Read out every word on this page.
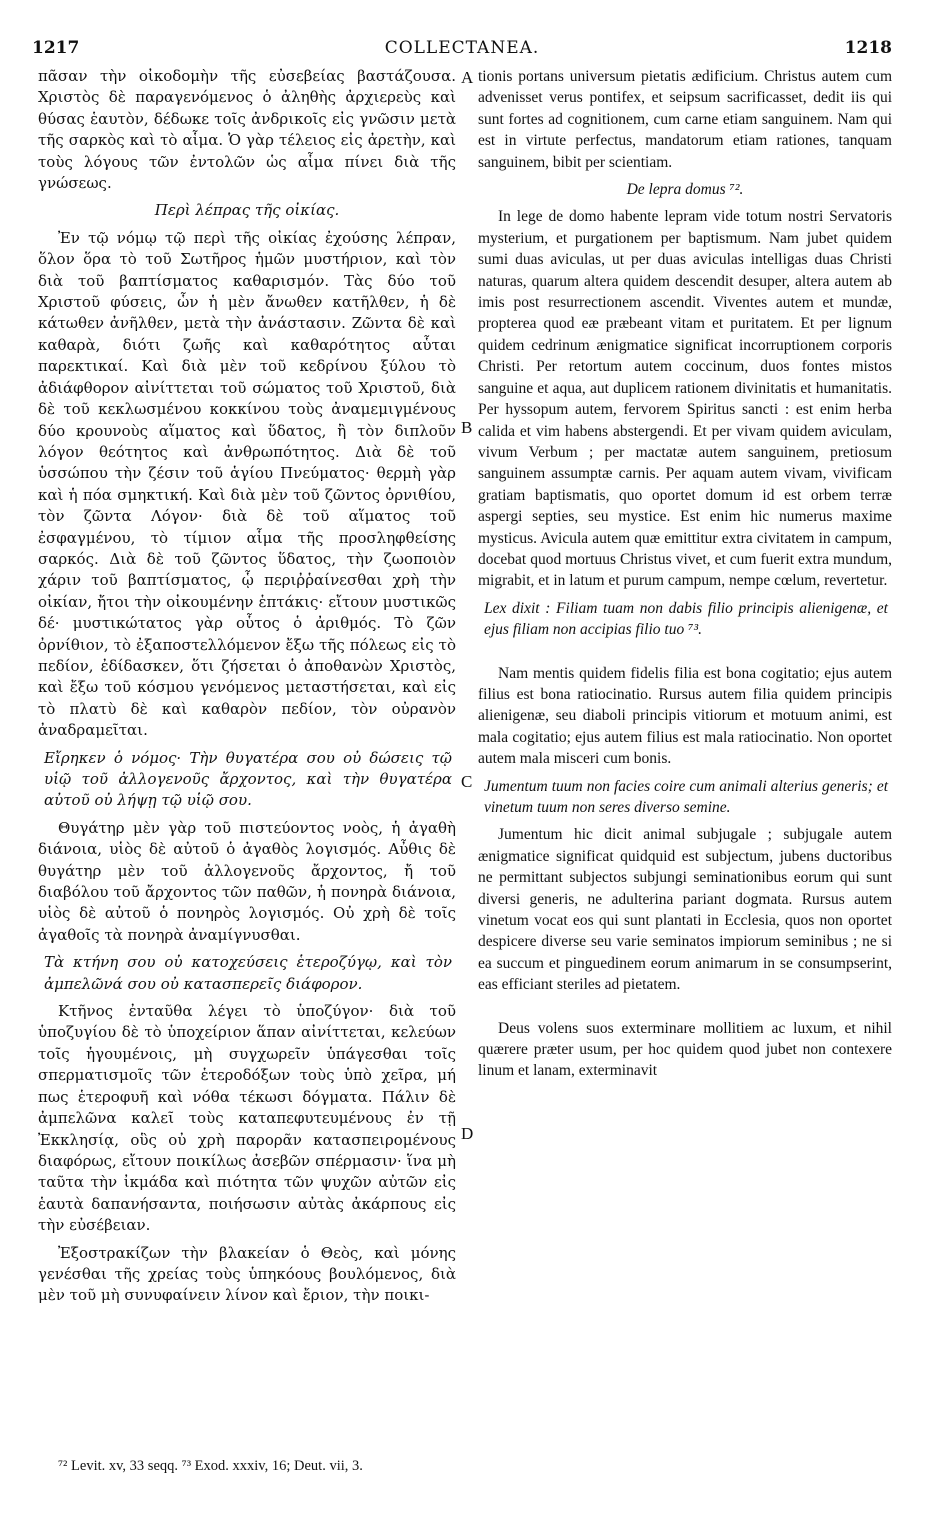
1217	COLLECTANEA.	1218

πᾶσαν τὴν οἰκοδομὴν τῆς εὐσεβείας βαστάζουσα. Χριστὸς δὲ παραγενόμενος ὁ ἀληθὴς ἀρχιερεὺς καὶ θύσας ἑαυτὸν, δέδωκε τοῖς ἀνδρικοῖς εἰς γνῶσιν μετὰ τῆς σαρκὸς καὶ τὸ αἷμα. Ὁ γὰρ τέλειος εἰς ἀρετὴν, καὶ τοὺς λόγους τῶν ἐντολῶν ὡς αἷμα πίνει διὰ τῆς γνώσεως.

Περὶ λέπρας τῆς οἰκίας.

Ἐν τῷ νόμῳ τῷ περὶ τῆς οἰκίας ἐχούσης λέπραν, ὅλον ὅρα τὸ τοῦ Σωτῆρος ἡμῶν μυστήριον, καὶ τὸν διὰ τοῦ βαπτίσματος καθαρισμόν. Τὰς δύο τοῦ Χριστοῦ φύσεις, ὧν ἡ μὲν ἄνωθεν κατῆλθεν, ἡ δὲ κάτωθεν ἀνῆλθεν, μετὰ τὴν ἀνάστασιν. Ζῶντα δὲ καὶ καθαρὰ, διότι ζωῆς καὶ καθαρότητος αὗται παρεκτικαί. Καὶ διὰ μὲν τοῦ κεδρίνου ξύλου τὸ ἀδιάφθορον αἰνίττεται τοῦ σώματος τοῦ Χριστοῦ, διὰ δὲ τοῦ κεκλωσμένου κοκκίνου τοὺς ἀναμεμιγμένους δύο κρουνοὺς αἵματος καὶ ὕδατος, ἢ τὸν διπλοῦν λόγον θεότητος καὶ ἀνθρωπότητος. Διὰ δὲ τοῦ ὑσσώπου τὴν ζέσιν τοῦ ἁγίου Πνεύματος· θερμὴ γὰρ καὶ ἡ πόα σμηκτική. Καὶ διὰ μὲν τοῦ ζῶντος ὀρνιθίου, τὸν ζῶντα Λόγον· διὰ δὲ τοῦ αἵματος τοῦ ἐσφαγμένου, τὸ τίμιον αἷμα τῆς προσληφθείσης σαρκός. Διὰ δὲ τοῦ ζῶντος ὕδατος, τὴν ζωοποιὸν χάριν τοῦ βαπτίσματος, ᾧ περιῤῥαίνεσθαι χρὴ τὴν οἰκίαν, ἤτοι τὴν οἰκουμένην ἑπτάκις· εἴτουν μυστικῶς δέ· μυστικώτατος γὰρ οὗτος ὁ ἀριθμός. Τὸ ζῶν ὀρνίθιον, τὸ ἐξαποστελλόμενον ἔξω τῆς πόλεως εἰς τὸ πεδίον, ἐδίδασκεν, ὅτι ζήσεται ὁ ἀποθανὼν Χριστὸς, καὶ ἔξω τοῦ κόσμου γενόμενος μεταστήσεται, καὶ εἰς τὸ πλατὺ δὲ καὶ καθαρὸν πεδίον, τὸν οὐρανὸν ἀναδραμεῖται.

Εἴρηκεν ὁ νόμος· Τὴν θυγατέρα σου οὐ δώσεις τῷ υἱῷ τοῦ ἀλλογενοῦς ἄρχοντος, καὶ τὴν θυγατέρα αὐτοῦ οὐ λήψῃ τῷ υἱῷ σου.

Θυγάτηρ μὲν γὰρ τοῦ πιστεύοντος νοὸς, ἡ ἀγαθὴ διάνοια, υἱὸς δὲ αὐτοῦ ὁ ἀγαθὸς λογισμός. Αὖθις δὲ θυγάτηρ μὲν τοῦ ἀλλογενοῦς ἄρχοντος, ἤ τοῦ διαβόλου τοῦ ἄρχοντος τῶν παθῶν, ἡ πονηρὰ διάνοια, υἱὸς δὲ αὐτοῦ ὁ πονηρὸς λογισμός. Οὐ χρὴ δὲ τοῖς ἀγαθοῖς τὰ πονηρὰ ἀναμίγνυσθαι.

Τὰ κτήνη σου οὐ κατοχεύσεις ἑτεροζύγῳ, καὶ τὸν ἀμπελῶνά σου οὐ κατασπερεῖς διάφορον.

Κτῆνος ἐνταῦθα λέγει τὸ ὑποζύγον· διὰ τοῦ ὑποζυγίου δὲ τὸ ὑποχείριον ἅπαν αἰνίττεται, κελεύων τοῖς ἡγουμένοις, μὴ συγχωρεῖν ὑπάγεσθαι τοῖς σπερματισμοῖς τῶν ἑτεροδόξων τοὺς ὑπὸ χεῖρα, μή πως ἑτεροφυῆ καὶ νόθα τέκωσι δόγματα. Πάλιν δὲ ἀμπελῶνα καλεῖ τοὺς καταπεφυτευμένους ἐν τῇ Ἐκκλησίᾳ, οὓς οὐ χρὴ παρορᾶν κατασπειρομένους διαφόρως, εἴτουν ποικίλως ἀσεβῶν σπέρμασιν· ἵνα μὴ ταῦτα τὴν ἰκμάδα καὶ πιότητα τῶν ψυχῶν αὐτῶν εἰς ἑαυτὰ δαπανήσαντα, ποιήσωσιν αὐτὰς ἀκάρπους εἰς τὴν εὐσέβειαν.

Ἐξοστρακίζων τὴν βλακείαν ὁ Θεὸς, καὶ μόνης γενέσθαι τῆς χρείας τοὺς ὑπηκόους βουλόμενος, διὰ μὲν τοῦ μὴ συνυφαίνειν λίνον καὶ ἔριον, τὴν ποικι-

tionis portans universum pietatis ædificium. Christus autem cum advenisset verus pontifex, et seipsum sacrificasset, dedit iis qui sunt fortes ad cognitionem, cum carne etiam sanguinem. Nam qui est in virtute perfectus, mandatorum etiam rationes, tanquam sanguinem, bibit per scientiam.

De lepra domus ⁷².

In lege de domo habente lepram vide totum nostri Servatoris mysterium, et purgationem per baptismum. Nam jubet quidem sumi duas aviculas, ut per duas aviculas intelligas duas Christi naturas, quarum altera quidem descendit desuper, altera autem ab imis post resurrectionem ascendit. Viventes autem et mundæ, propterea quod eæ præbeant vitam et puritatem. Et per lignum quidem cedrinum ænigmatice significat incorruptionem corporis Christi. Per retortum autem coccinum, duos fontes mistos sanguine et aqua, aut duplicem rationem divinitatis et humanitatis. Per hyssopum autem, fervorem Spiritus sancti : est enim herba calida et vim habens abstergendi. Et per vivam quidem aviculam, vivum Verbum ; per mactatæ autem sanguinem, pretiosum sanguinem assumptæ carnis. Per aquam autem vivam, vivificam gratiam baptismatis, quo oportet domum id est orbem terræ aspergi septies, seu mystice. Est enim hic numerus maxime mysticus. Avicula autem quæ emittitur extra civitatem in campum, docebat quod mortuus Christus vivet, et cum fuerit extra mundum, migrabit, et in latum et purum campum, nempe cœlum, revertetur.

Lex dixit : Filiam tuam non dabis filio principis alienigenæ, et ejus filiam non accipias filio tuo ⁷³.

Nam mentis quidem fidelis filia est bona cogitatio; ejus autem filius est bona ratiocinatio. Rursus autem filia quidem principis alienigenæ, seu diaboli principis vitiorum et motuum animi, est mala cogitatio; ejus autem filius est mala ratiocinatio. Non oportet autem mala misceri cum bonis.

Jumentum tuum non facies coire cum animali alterius generis; et vinetum tuum non seres diverso semine.

Jumentum hic dicit animal subjugale ; subjugale autem ænigmatice significat quidquid est subjectum, jubens ductoribus ne permittant subjectos subjungi seminationibus eorum qui sunt diversi generis, ne adulterina pariant dogmata. Rursus autem vinetum vocat eos qui sunt plantati in Ecclesia, quos non oportet despicere diverse seu varie seminatos impiorum seminibus ; ne si ea succum et pinguedinem eorum animarum in se consumpserint, eas efficiant steriles ad pietatem.

Deus volens suos exterminare mollitiem ac luxum, et nihil quærere præter usum, per hoc quidem quod jubet non contexere linum et lanam, exterminavit

A
B
C
D
⁷² Levit. xv, 33 seqq. ⁷³ Exod. xxxiv, 16; Deut. vii, 3.
